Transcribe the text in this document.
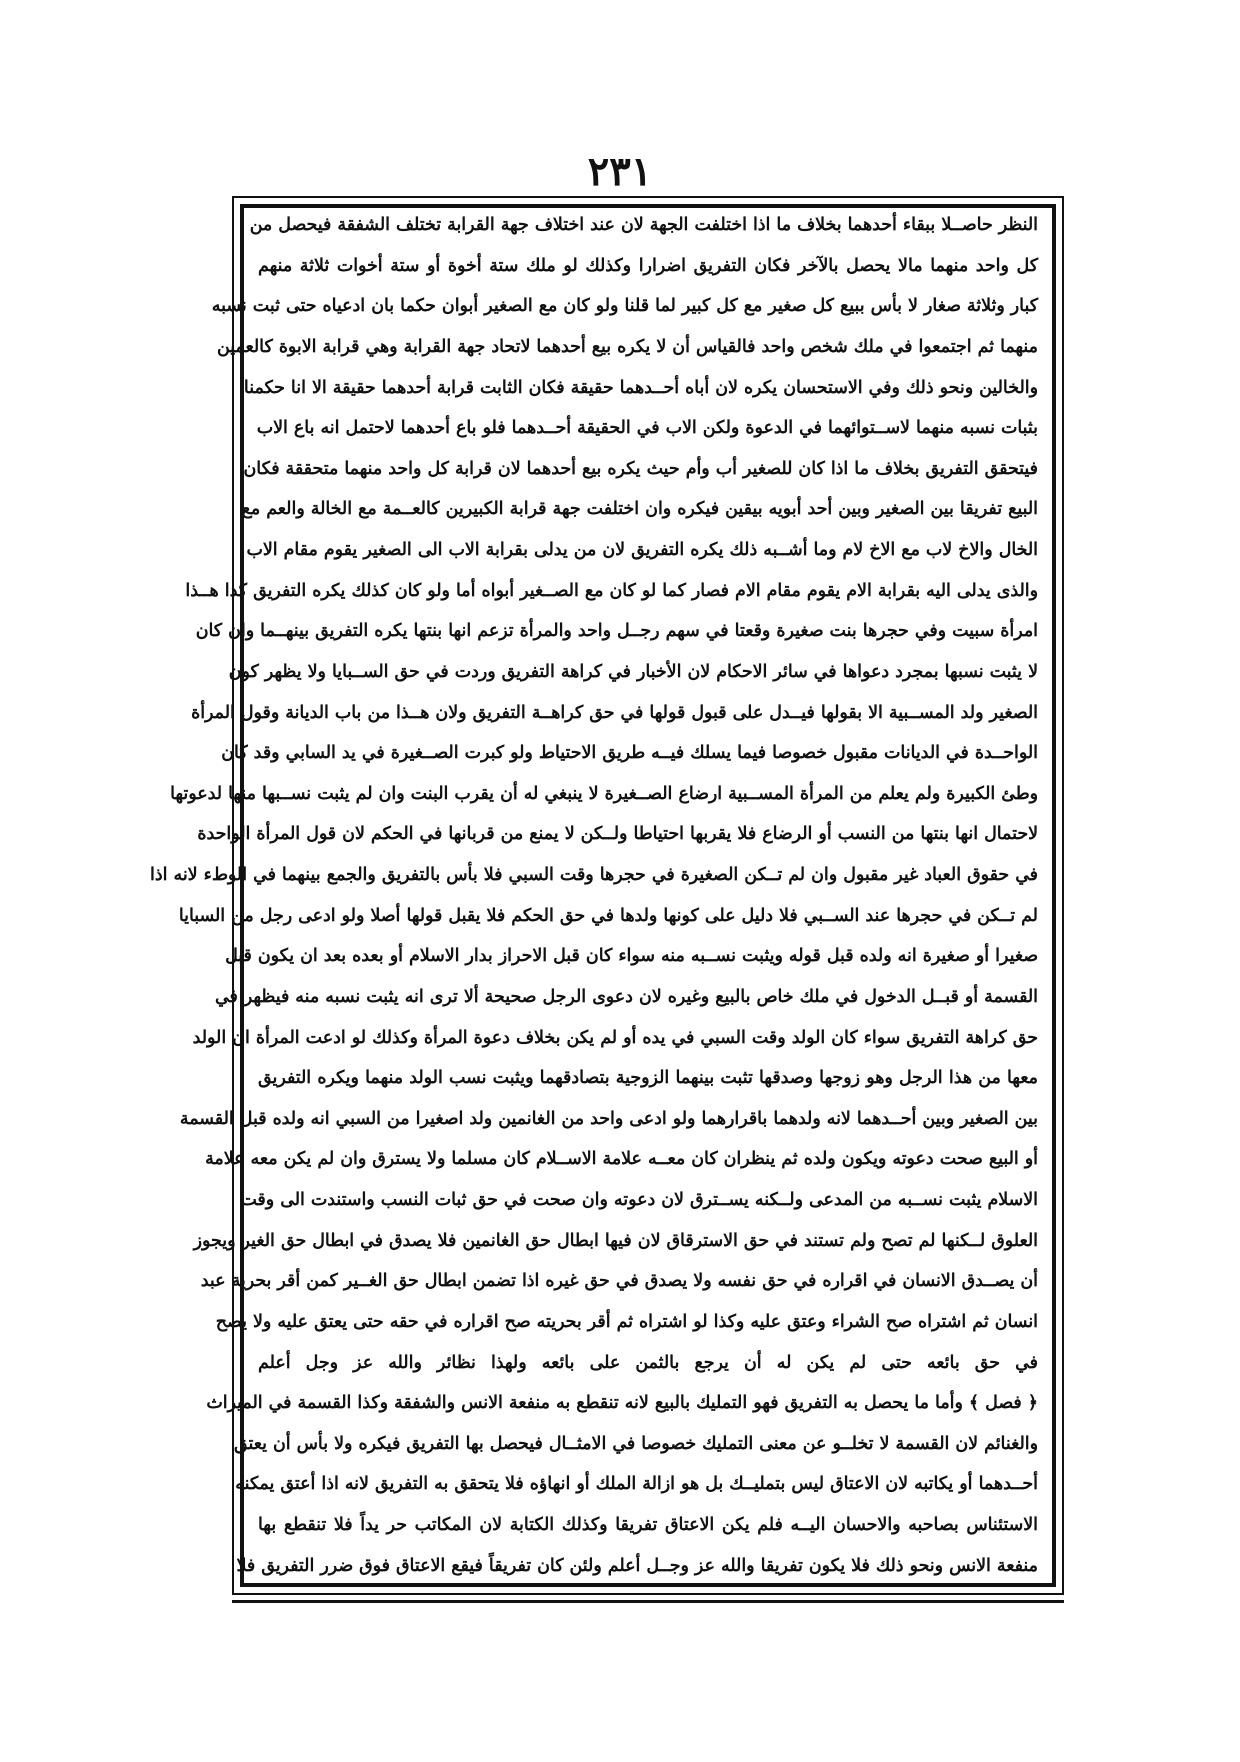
۲۳۱
النظر حاصــلا ببقاء أحدهما بخلاف ما اذا اختلفت الجهة لان عند اختلاف جهة القرابة تختلف الشفقة فيحصل من
كل واحد منهما مالا يحصل بالآخر فكان التفريق اضرارا وكذلك لو ملك ستة أخوة أو ستة أخوات ثلاثة منهم
كبار وثلاثة صغار لا بأس ببيع كل صغير مع كل كبير لما قلنا ولو كان مع الصغير أبوان حكما بان ادعياه حتى ثبت نسبه
منهما ثم اجتمعوا في ملك شخص واحد فالقياس أن لا يكره بيع أحدهما لاتحاد جهة القرابة وهي قرابة الابوة كالعمين
والخالين ونحو ذلك وفي الاستحسان يكره لان أباه أحــدهما حقيقة فكان الثابت قرابة أحدهما حقيقة الا انا حكمنا
بثبات نسبه منهما لاســتوائهما في الدعوة ولكن الاب في الحقيقة أحــدهما فلو باع أحدهما لاحتمل انه باع الاب
فيتحقق التفريق بخلاف ما اذا كان للصغير أب وأم حيث يكره بيع أحدهما لان قرابة كل واحد منهما متحققة فكان
البيع تفريقا بين الصغير وبين أحد أبويه بيقين فيكره وان اختلفت جهة قرابة الكبيرين كالعــمة مع الخالة والعم مع
الخال والاخ لاب مع الاخ لام وما أشــبه ذلك يكره التفريق لان من يدلى بقرابة الاب الى الصغير يقوم مقام الاب
والذى يدلى اليه بقرابة الام يقوم مقام الام فصار كما لو كان مع الصــغير أبواه أما ولو كان كذلك يكره التفريق كذا هــذا
امرأة سبيت وفي حجرها بنت صغيرة وقعتا في سهم رجــل واحد والمرأة تزعم انها بنتها يكره التفريق بينهــما وان كان
لا يثبت نسبها بمجرد دعواها في سائر الاحكام لان الأخبار في كراهة التفريق وردت في حق الســبايا ولا يظهر كون
الصغير ولد المســبية الا بقولها فيــدل على قبول قولها في حق كراهــة التفريق ولان هــذا من باب الديانة وقول المرأة
الواحــدة في الديانات مقبول خصوصا فيما يسلك فيــه طريق الاحتياط ولو كبرت الصــغيرة في يد السابي وقد كان
وطئ الكبيرة ولم يعلم من المرأة المســبية ارضاع الصــغيرة لا ينبغي له أن يقرب البنت وان لم يثبت نســبها منها لدعوتها
لاحتمال انها بنتها من النسب أو الرضاع فلا يقربها احتياطا ولــكن لا يمنع من قربانها في الحكم لان قول المرأة الواحدة
في حقوق العباد غير مقبول وان لم تــكن الصغيرة في حجرها وقت السبي فلا بأس بالتفريق والجمع بينهما في الوطء لانه اذا
لم تــكن في حجرها عند الســبي فلا دليل على كونها ولدها في حق الحكم فلا يقبل قولها أصلا ولو ادعى رجل من السبايا
صغيرا أو صغيرة انه ولده قبل قوله ويثبت نســبه منه سواء كان قبل الاحراز بدار الاسلام أو بعده بعد ان يكون قبل
القسمة أو قبــل الدخول في ملك خاص بالبيع وغيره لان دعوى الرجل صحيحة ألا ترى انه يثبت نسبه منه فيظهر في
حق كراهة التفريق سواء كان الولد وقت السبي في يده أو لم يكن بخلاف دعوة المرأة وكذلك لو ادعت المرأة ان الولد
معها من هذا الرجل وهو زوجها وصدقها تثبت بينهما الزوجية بتصادقهما ويثبت نسب الولد منهما ويكره التفريق
بين الصغير وبين أحــدهما لانه ولدهما باقرارهما ولو ادعى واحد من الغانمين ولد اصغيرا من السبي انه ولده قبل القسمة
أو البيع صحت دعوته ويكون ولده ثم ينظران كان معــه علامة الاســلام كان مسلما ولا يسترق وان لم يكن معه علامة
الاسلام يثبت نســبه من المدعى ولــكنه يســترق لان دعوته وان صحت في حق ثبات النسب واستندت الى وقت
العلوق لــكنها لم تصح ولم تستند في حق الاسترقاق لان فيها ابطال حق الغانمين فلا يصدق في ابطال حق الغير ويجوز
أن يصــدق الانسان في اقراره في حق نفسه ولا يصدق في حق غيره اذا تضمن ابطال حق الغــير كمن أقر بحرية عبد
انسان ثم اشتراه صح الشراء وعتق عليه وكذا لو اشتراه ثم أقر بحريته صح اقراره في حقه حتى يعتق عليه ولا يصح
في حق بائعه حتى لم يكن له أن يرجع بالثمن على بائعه ولهذا نظائر والله عز وجل أعلم
﴿ فصل ﴾ وأما ما يحصل به التفريق فهو التمليك بالبيع لانه تنقطع به منفعة الانس والشفقة وكذا القسمة في الميراث
والغنائم لان القسمة لا تخلــو عن معنى التمليك خصوصا في الامثــال فيحصل بها التفريق فيكره ولا بأس أن يعتق
أحــدهما أو يكاتبه لان الاعتاق ليس بتمليــك بل هو ازالة الملك أو انهاؤه فلا يتحقق به التفريق لانه اذا أعتق يمكنه
الاستئناس بصاحبه والاحسان اليــه فلم يكن الاعتاق تفريقا وكذلك الكتابة لان المكاتب حر يداً فلا تنقطع بها
منفعة الانس ونحو ذلك فلا يكون تفريقا والله عز وجــل أعلم ولئن كان تفريقاً فيقع الاعتاق فوق ضرر التفريق فلا
